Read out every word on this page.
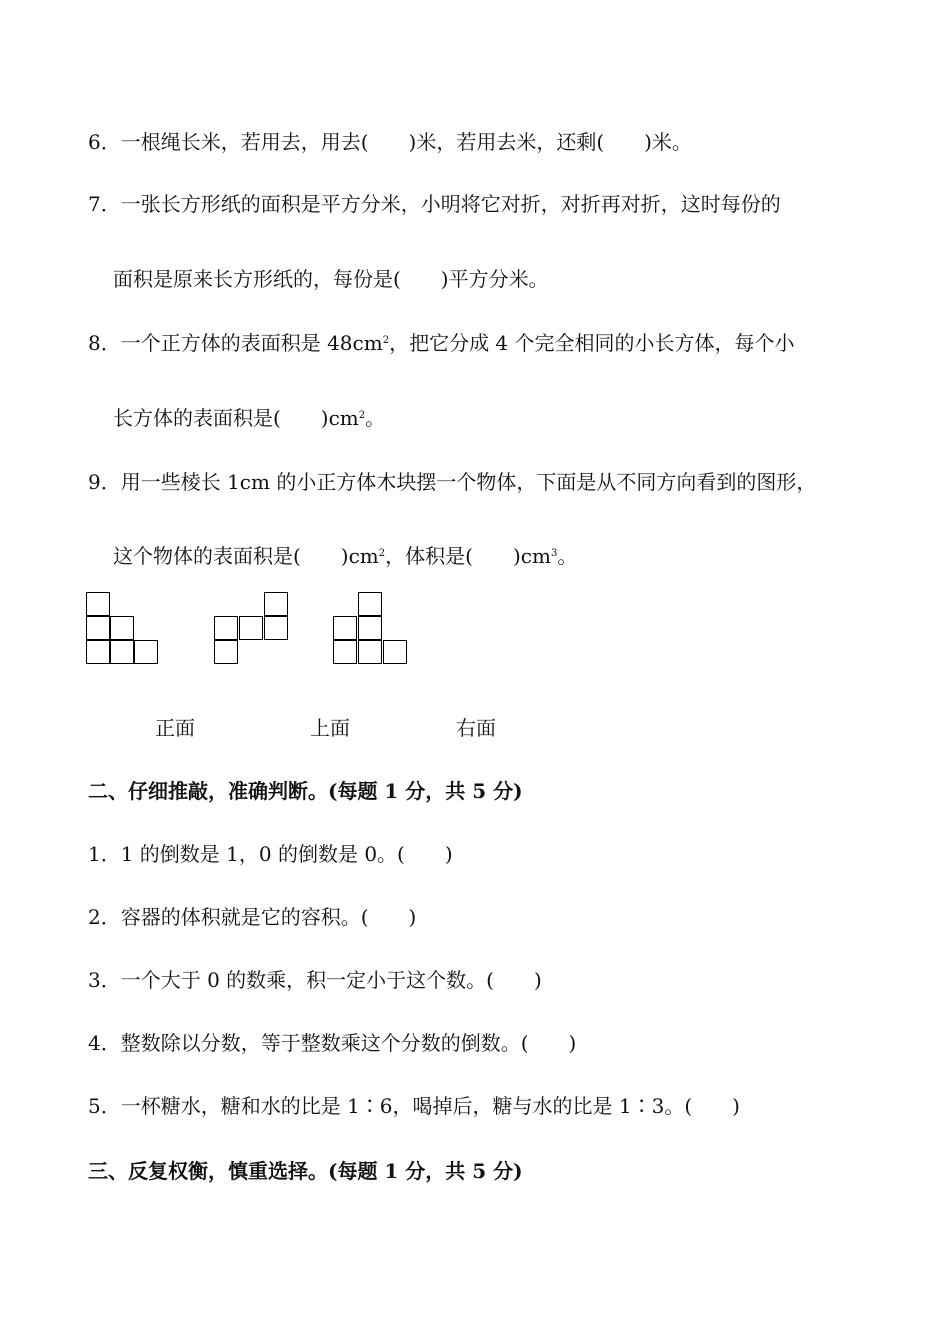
6．一根绳长米，若用去，用去(　　)米，若用去米，还剩(　　)米。
7．一张长方形纸的面积是平方分米，小明将它对折，对折再对折，这时每份的
面积是原来长方形纸的，每份是(　　)平方分米。
8．一个正方体的表面积是 $48cm^2$，把它分成 4 个完全相同的小长方体，每个小
长方体的表面积是(　　)$cm^2$。
9．用一些棱长 1cm 的小正方体木块摆一个物体，下面是从不同方向看到的图形，
这个物体的表面积是(　　)$cm^2$，体积是(　　)$cm^3$。
正面	上面	右面
二、仔细推敲，准确判断。(每题 1 分，共 5 分)
1．1 的倒数是 1，0 的倒数是 0。(　　)
2．容器的体积就是它的容积。(　　)
3．一个大于 0 的数乘，积一定小于这个数。(　　)
4．整数除以分数，等于整数乘这个分数的倒数。(　　)
5．一杯糖水，糖和水的比是 1∶6，喝掉后，糖与水的比是 1∶3。(　　)
三、反复权衡，慎重选择。(每题 1 分，共 5 分)
